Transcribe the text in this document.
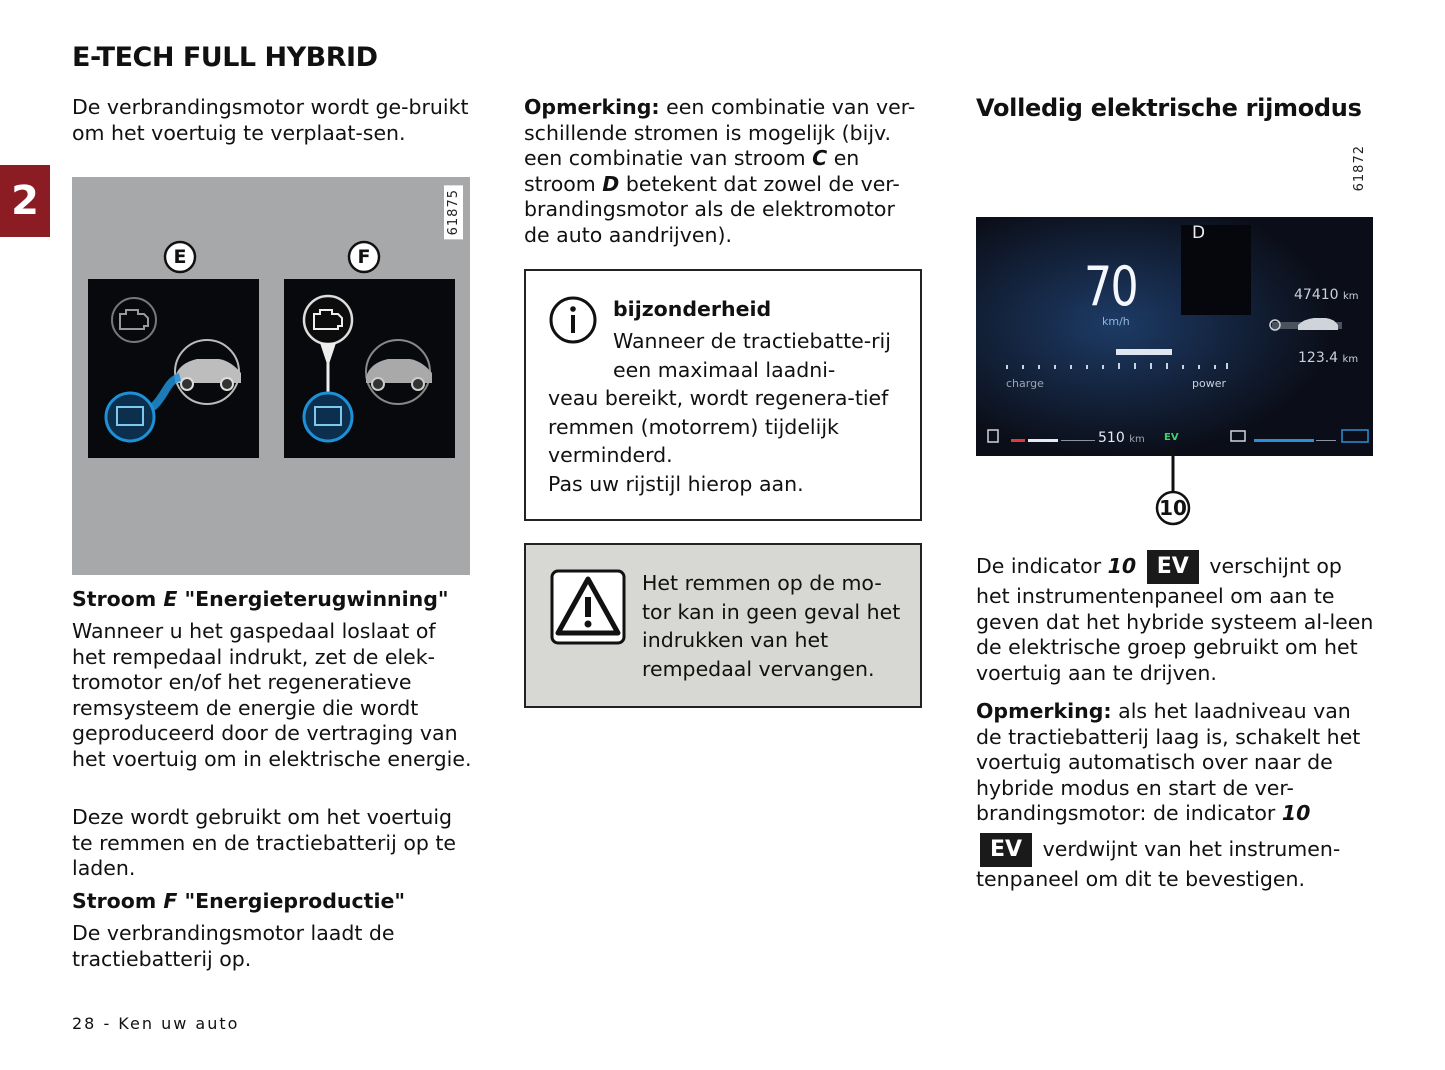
E-TECH FULL HYBRID
2

De verbrandingsmotor wordt ge-bruikt om het voertuig te verplaat-sen.

61875
E	F

Stroom E "Energieterugwinning"

Wanneer u het gaspedaal loslaat of het rempedaal indrukt, zet de elek-tromotor en/of het regeneratieve remsysteem de energie die wordt geproduceerd door de vertraging van het voertuig om in elektrische energie.

Deze wordt gebruikt om het voertuig te remmen en de tractiebatterij op te laden.

Stroom F "Energieproductie"

De verbrandingsmotor laadt de tractiebatterij op.

Opmerking: een combinatie van ver-schillende stromen is mogelijk (bijv. een combinatie van stroom C en stroom D betekent dat zowel de ver-brandingsmotor als de elektromotor de auto aandrijven).

bijzonderheid
Wanneer de tractiebatte-rij een maximaal laadni-
veau bereikt, wordt regenera-tief remmen (motorrem) tijdelijk verminderd.
Pas uw rijstijl hierop aan.
Het remmen op de mo-tor kan in geen geval het indrukken van het rempedaal vervangen.
Volledig elektrische rijmodus
61872
D
70
km/h
47410 km
123.4 km
charge	power
510 km EV
10

De indicator 10 EV verschijnt op het instrumentenpaneel om aan te geven dat het hybride systeem al-leen de elektrische groep gebruikt om het voertuig aan te drijven.

Opmerking: als het laadniveau van de tractiebatterij laag is, schakelt het voertuig automatisch over naar de hybride modus en start de ver-brandingsmotor: de indicator 10

EV verdwijnt van het instrumen-tenpaneel om dit te bevestigen.

28 - Ken uw auto
